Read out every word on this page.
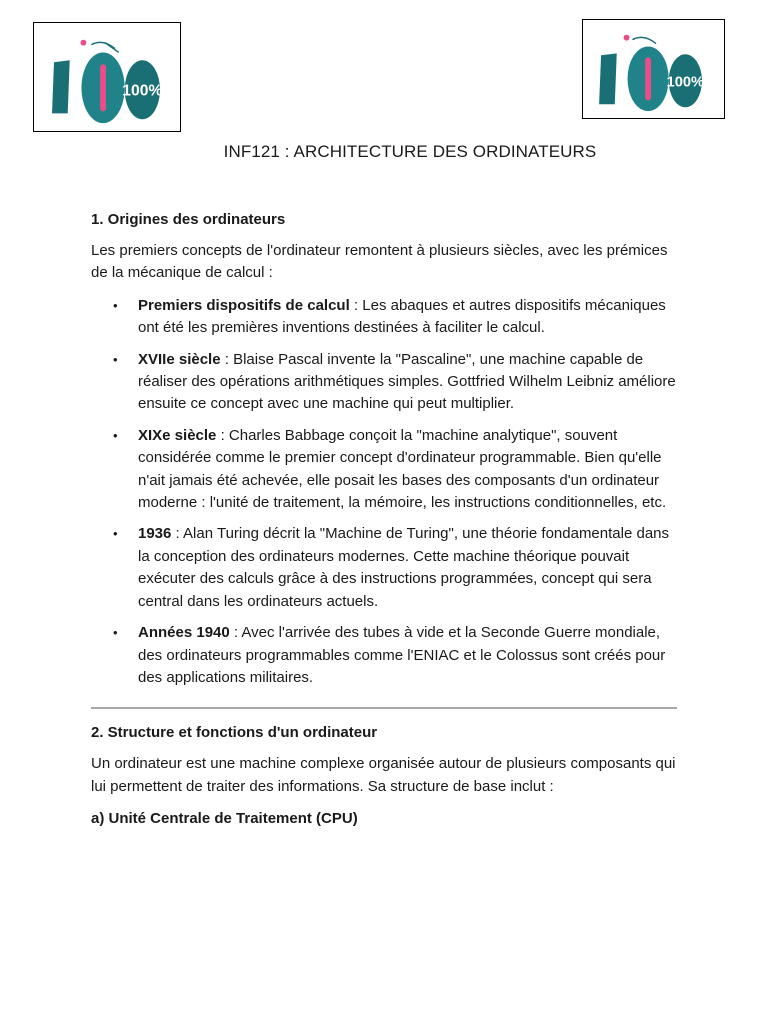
100%
100%
INF121 : ARCHITECTURE DES ORDINATEURS
1. Origines des ordinateurs

Les premiers concepts de l'ordinateur remontent à plusieurs siècles, avec les prémices de la mécanique de calcul :

• Premiers dispositifs de calcul : Les abaques et autres dispositifs mécaniques ont été les premières inventions destinées à faciliter le calcul.
• XVIIe siècle : Blaise Pascal invente la "Pascaline", une machine capable de réaliser des opérations arithmétiques simples. Gottfried Wilhelm Leibniz améliore ensuite ce concept avec une machine qui peut multiplier.
• XIXe siècle : Charles Babbage conçoit la "machine analytique", souvent considérée comme le premier concept d'ordinateur programmable. Bien qu'elle n'ait jamais été achevée, elle posait les bases des composants d'un ordinateur moderne : l'unité de traitement, la mémoire, les instructions conditionnelles, etc.
• 1936 : Alan Turing décrit la "Machine de Turing", une théorie fondamentale dans la conception des ordinateurs modernes. Cette machine théorique pouvait exécuter des calculs grâce à des instructions programmées, concept qui sera central dans les ordinateurs actuels.
• Années 1940 : Avec l'arrivée des tubes à vide et la Seconde Guerre mondiale, des ordinateurs programmables comme l'ENIAC et le Colossus sont créés pour des applications militaires.
2. Structure et fonctions d'un ordinateur

Un ordinateur est une machine complexe organisée autour de plusieurs composants qui lui permettent de traiter des informations. Sa structure de base inclut :

a) Unité Centrale de Traitement (CPU)
